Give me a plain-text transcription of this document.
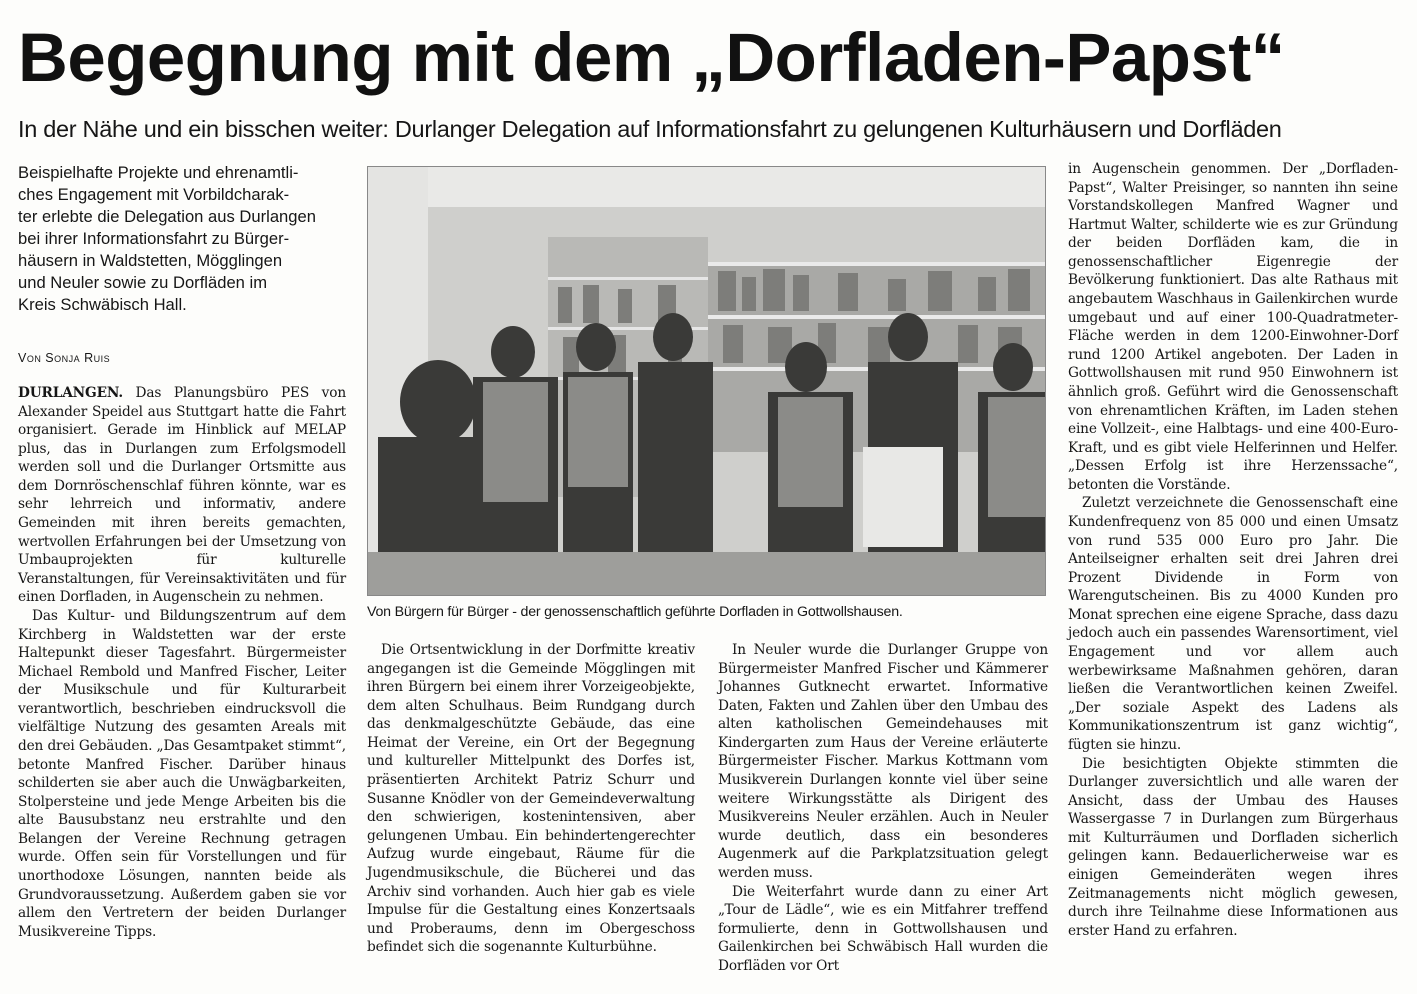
Begegnung mit dem „Dorfladen-Papst“
In der Nähe und ein bisschen weiter: Durlanger Delegation auf Informationsfahrt zu gelungenen Kulturhäusern und Dorfläden
Beispielhafte Projekte und ehrenamtli-
ches Engagement mit Vorbildcharak-
ter erlebte die Delegation aus Durlangen
bei ihrer Informationsfahrt zu Bürger-
häusern in Waldstetten, Mögglingen
und Neuler sowie zu Dorfläden im
Kreis Schwäbisch Hall.
Von Sonja Ruis

DURLANGEN. Das Planungsbüro PES von Alexander Speidel aus Stuttgart hatte die Fahrt organisiert. Gerade im Hinblick auf MELAP plus, das in Durlangen zum Erfolgsmodell werden soll und die Durlanger Ortsmitte aus dem Dornröschenschlaf führen könnte, war es sehr lehrreich und informativ, andere Gemeinden mit ihren bereits gemachten, wertvollen Erfahrungen bei der Umsetzung von Umbauprojekten für kulturelle Veranstaltungen, für Vereinsaktivitäten und für einen Dorfladen, in Augenschein zu nehmen.

Das Kultur- und Bildungszentrum auf dem Kirchberg in Waldstetten war der erste Haltepunkt dieser Tagesfahrt. Bürgermeister Michael Rembold und Manfred Fischer, Leiter der Musikschule und für Kulturarbeit verantwortlich, beschrieben eindrucksvoll die vielfältige Nutzung des gesamten Areals mit den drei Gebäuden. „Das Gesamtpaket stimmt“, betonte Manfred Fischer. Darüber hinaus schilderten sie aber auch die Unwägbarkeiten, Stolpersteine und jede Menge Arbeiten bis die alte Bausubstanz neu erstrahlte und den Belangen der Vereine Rechnung getragen wurde. Offen sein für Vorstellungen und für unorthodoxe Lösungen, nannten beide als Grundvoraussetzung. Außerdem gaben sie vor allem den Vertretern der beiden Durlanger Musikvereine Tipps.

Von Bürgern für Bürger - der genossenschaftlich geführte Dorfladen in Gottwollshausen.

Die Ortsentwicklung in der Dorfmitte kreativ angegangen ist die Gemeinde Mögglingen mit ihren Bürgern bei einem ihrer Vorzeigeobjekte, dem alten Schulhaus. Beim Rundgang durch das denkmalgeschützte Gebäude, das eine Heimat der Vereine, ein Ort der Begegnung und kultureller Mittelpunkt des Dorfes ist, präsentierten Architekt Patriz Schurr und Susanne Knödler von der Gemeindeverwaltung den schwierigen, kostenintensiven, aber gelungenen Umbau. Ein behindertengerechter Aufzug wurde eingebaut, Räume für die Jugendmusikschule, die Bücherei und das Archiv sind vorhanden. Auch hier gab es viele Impulse für die Gestaltung eines Konzertsaals und Proberaums, denn im Obergeschoss befindet sich die sogenannte Kulturbühne.

In Neuler wurde die Durlanger Gruppe von Bürgermeister Manfred Fischer und Kämmerer Johannes Gutknecht erwartet. Informative Daten, Fakten und Zahlen über den Umbau des alten katholischen Gemeindehauses mit Kindergarten zum Haus der Vereine erläuterte Bürgermeister Fischer. Markus Kottmann vom Musikverein Durlangen konnte viel über seine weitere Wirkungsstätte als Dirigent des Musikvereins Neuler erzählen. Auch in Neuler wurde deutlich, dass ein besonderes Augenmerk auf die Parkplatzsituation gelegt werden muss.

Die Weiterfahrt wurde dann zu einer Art „Tour de Lädle“, wie es ein Mitfahrer treffend formulierte, denn in Gottwollshausen und Gailenkirchen bei Schwäbisch Hall wurden die Dorfläden vor Ort

in Augenschein genommen. Der „Dorfladen-Papst“, Walter Preisinger, so nannten ihn seine Vorstandskollegen Manfred Wagner und Hartmut Walter, schilderte wie es zur Gründung der beiden Dorfläden kam, die in genossenschaftlicher Eigenregie der Bevölkerung funktioniert. Das alte Rathaus mit angebautem Waschhaus in Gailenkirchen wurde umgebaut und auf einer 100-Quadratmeter-Fläche werden in dem 1200-Einwohner-Dorf rund 1200 Artikel angeboten. Der Laden in Gottwollshausen mit rund 950 Einwohnern ist ähnlich groß. Geführt wird die Genossenschaft von ehrenamtlichen Kräften, im Laden stehen eine Vollzeit-, eine Halbtags- und eine 400-Euro-Kraft, und es gibt viele Helferinnen und Helfer. „Dessen Erfolg ist ihre Herzenssache“, betonten die Vorstände.

Zuletzt verzeichnete die Genossenschaft eine Kundenfrequenz von 85 000 und einen Umsatz von rund 535 000 Euro pro Jahr. Die Anteilseigner erhalten seit drei Jahren drei Prozent Dividende in Form von Warengutscheinen. Bis zu 4000 Kunden pro Monat sprechen eine eigene Sprache, dass dazu jedoch auch ein passendes Warensortiment, viel Engagement und vor allem auch werbewirksame Maßnahmen gehören, daran ließen die Verantwortlichen keinen Zweifel. „Der soziale Aspekt des Ladens als Kommunikationszentrum ist ganz wichtig“, fügten sie hinzu.

Die besichtigten Objekte stimmten die Durlanger zuversichtlich und alle waren der Ansicht, dass der Umbau des Hauses Wassergasse 7 in Durlangen zum Bürgerhaus mit Kulturräumen und Dorfladen sicherlich gelingen kann. Bedauerlicherweise war es einigen Gemeinderäten wegen ihres Zeitmanagements nicht möglich gewesen, durch ihre Teilnahme diese Informationen aus erster Hand zu erfahren.
